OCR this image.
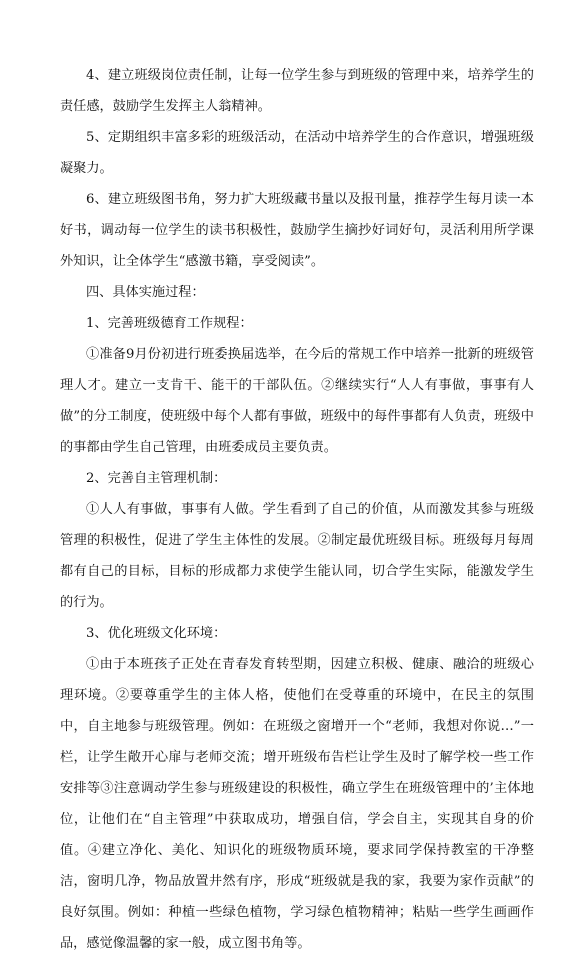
4、建立班级岗位责任制，让每一位学生参与到班级的管理中来，培养学生的责任感，鼓励学生发挥主人翁精神。

5、定期组织丰富多彩的班级活动，在活动中培养学生的合作意识，增强班级凝聚力。

6、建立班级图书角，努力扩大班级藏书量以及报刊量，推荐学生每月读一本好书，调动每一位学生的读书积极性，鼓励学生摘抄好词好句，灵活利用所学课外知识，让全体学生“感激书籍，享受阅读”。

四、具体实施过程：

1、完善班级德育工作规程：

①准备9月份初进行班委换届选举，在今后的常规工作中培养一批新的班级管理人才。建立一支肯干、能干的干部队伍。②继续实行“人人有事做，事事有人做”的分工制度，使班级中每个人都有事做，班级中的每件事都有人负责，班级中的事都由学生自己管理，由班委成员主要负责。

2、完善自主管理机制：

①人人有事做，事事有人做。学生看到了自己的价值，从而激发其参与班级管理的积极性，促进了学生主体性的发展。②制定最优班级目标。班级每月每周都有自己的目标，目标的形成都力求使学生能认同，切合学生实际，能激发学生的行为。

3、优化班级文化环境：

①由于本班孩子正处在青春发育转型期，因建立积极、健康、融洽的班级心理环境。②要尊重学生的主体人格，使他们在受尊重的环境中，在民主的氛围中，自主地参与班级管理。例如：在班级之窗增开一个“老师，我想对你说…”一栏，让学生敞开心扉与老师交流；增开班级布告栏让学生及时了解学校一些工作安排等③注意调动学生参与班级建设的积极性，确立学生在班级管理中的’主体地位，让他们在“自主管理”中获取成功，增强自信，学会自主，实现其自身的价值。④建立净化、美化、知识化的班级物质环境，要求同学保持教室的干净整洁，窗明几净，物品放置井然有序，形成“班级就是我的家，我要为家作贡献”的良好氛围。例如：种植一些绿色植物，学习绿色植物精神；粘贴一些学生画画作品，感觉像温馨的家一般，成立图书角等。
